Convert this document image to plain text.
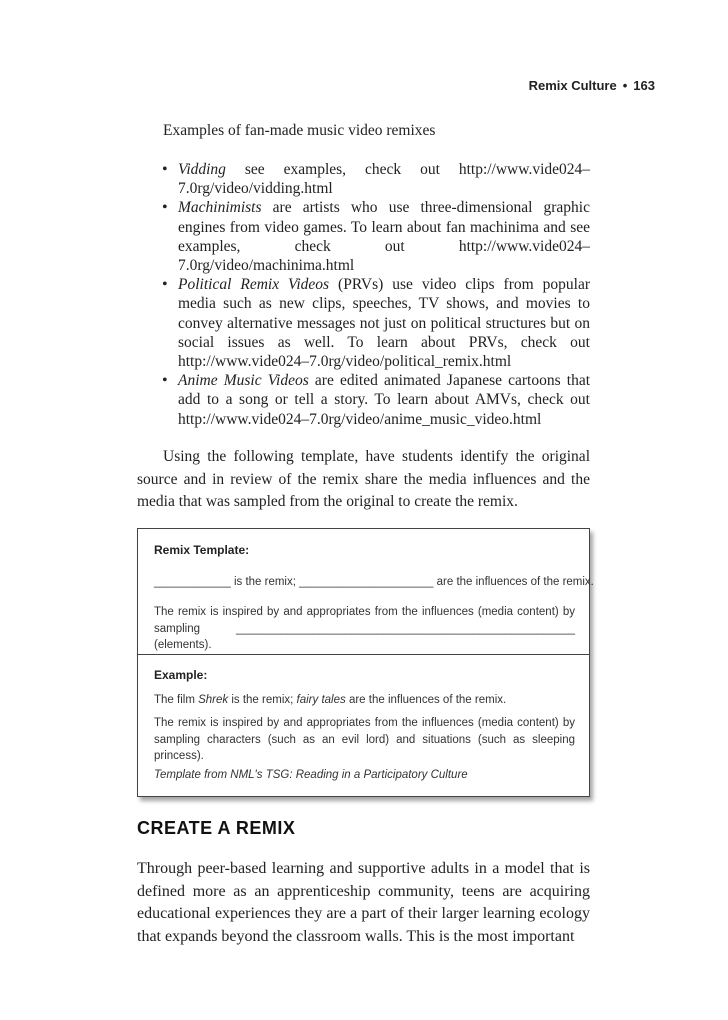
Remix Culture • 163
Examples of fan-made music video remixes
• Vidding see examples, check out http://www.vide024–7.0rg/video/vidding.html
• Machinimists are artists who use three-dimensional graphic engines from video games. To learn about fan machinima and see examples, check out http://www.vide024–7.0rg/video/machinima.html
• Political Remix Videos (PRVs) use video clips from popular media such as new clips, speeches, TV shows, and movies to convey alternative messages not just on political structures but on social issues as well. To learn about PRVs, check out http://www.vide024–7.0rg/video/political_remix.html
• Anime Music Videos are edited animated Japanese cartoons that add to a song or tell a story. To learn about AMVs, check out http://www.vide024–7.0rg/video/anime_music_video.html

Using the following template, have students identify the original source and in review of the remix share the media influences and the media that was sampled from the original to create the remix.

Remix Template:

____________ is the remix; _____________________ are the influences of the remix.

The remix is inspired by and appropriates from the influences (media content) by sampling _____________________________________________________ (elements).

Example:

The film Shrek is the remix; fairy tales are the influences of the remix.

The remix is inspired by and appropriates from the influences (media content) by sampling characters (such as an evil lord) and situations (such as sleeping princess).

Template from NML's TSG: Reading in a Participatory Culture

CREATE A REMIX

Through peer-based learning and supportive adults in a model that is defined more as an apprenticeship community, teens are acquiring educational experiences they are a part of their larger learning ecology that expands beyond the classroom walls. This is the most important
